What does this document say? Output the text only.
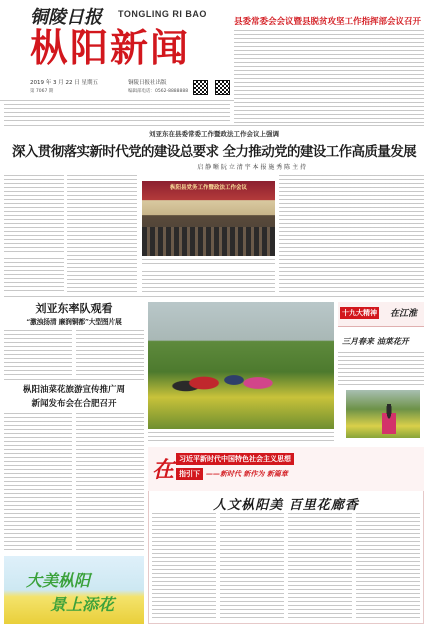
铜陵日报 TONGLING RI BAO
枞阳新闻
2019 年 3 月 22 日 星期五
第 7067 期
铜陵日报社出版
编辑部电话：0562-8888888
县委常委会会议暨县脱贫攻坚工作指挥部会议召开
刘亚东在县委常委工作暨政法工作会议上强调
深入贯彻落实新时代党的建设总要求 全力推动党的建设工作高质量发展
启 静 晰 阮 立 清 宇 本 报 施 秀 陈 主 持
枞阳县党务工作暨政法工作会议
刘亚东率队观看
“激浊扬清 廉润铜都”大型图片展
枞阳油菜花旅游宣传推广周
新闻发布会在合肥召开
大美枞阳
景上添花
十九大精神 在江淮
三月春来 油菜花开
在 习近平新时代中国特色社会主义思想
指引下 ——新时代 新作为 新篇章
人文枞阳美 百里花廊香
